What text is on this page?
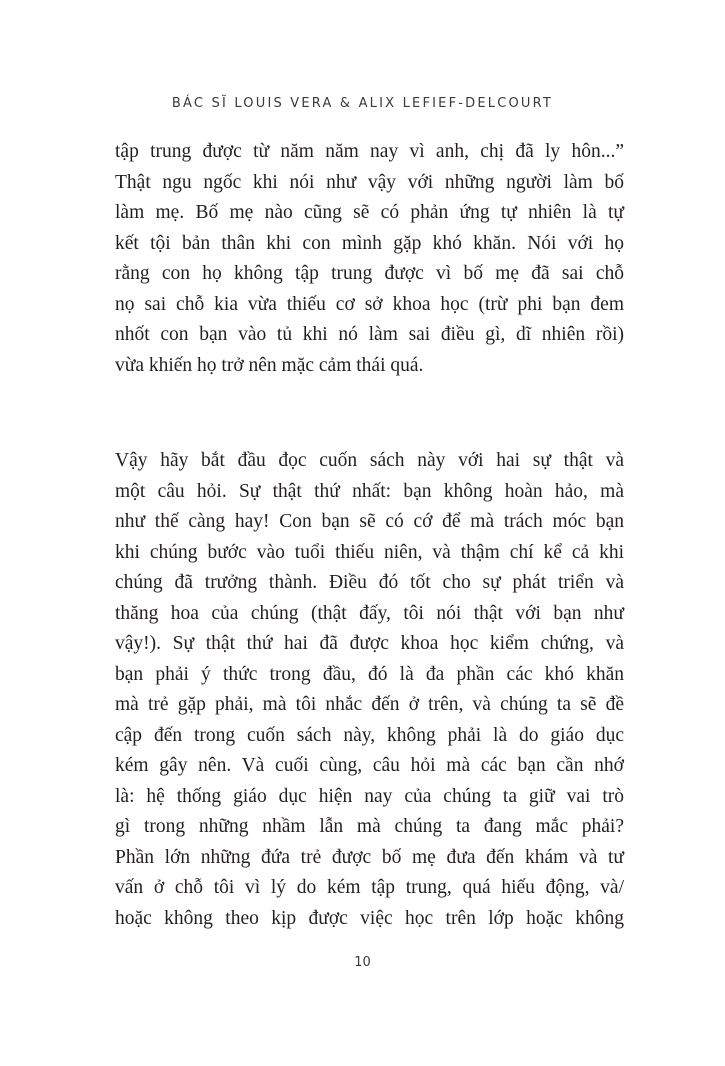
BÁC SĨ LOUIS VERA & ALIX LEFIEF-DELCOURT
tập trung được từ năm năm nay vì anh, chị đã ly hôn...”
Thật ngu ngốc khi nói như vậy với những người làm bố
làm mẹ. Bố mẹ nào cũng sẽ có phản ứng tự nhiên là tự
kết tội bản thân khi con mình gặp khó khăn. Nói với họ
rằng con họ không tập trung được vì bố mẹ đã sai chỗ
nọ sai chỗ kia vừa thiếu cơ sở khoa học (trừ phi bạn đem
nhốt con bạn vào tủ khi nó làm sai điều gì, dĩ nhiên rồi)
vừa khiến họ trở nên mặc cảm thái quá.
Vậy hãy bắt đầu đọc cuốn sách này với hai sự thật và
một câu hỏi. Sự thật thứ nhất: bạn không hoàn hảo, mà
như thế càng hay! Con bạn sẽ có cớ để mà trách móc bạn
khi chúng bước vào tuổi thiếu niên, và thậm chí kể cả khi
chúng đã trưởng thành. Điều đó tốt cho sự phát triển và
thăng hoa của chúng (thật đấy, tôi nói thật với bạn như
vậy!). Sự thật thứ hai đã được khoa học kiểm chứng, và
bạn phải ý thức trong đầu, đó là đa phần các khó khăn
mà trẻ gặp phải, mà tôi nhắc đến ở trên, và chúng ta sẽ đề
cập đến trong cuốn sách này, không phải là do giáo dục
kém gây nên. Và cuối cùng, câu hỏi mà các bạn cần nhớ
là: hệ thống giáo dục hiện nay của chúng ta giữ vai trò
gì trong những nhầm lẫn mà chúng ta đang mắc phải?
Phần lớn những đứa trẻ được bố mẹ đưa đến khám và tư
vấn ở chỗ tôi vì lý do kém tập trung, quá hiếu động, và/
hoặc không theo kịp được việc học trên lớp hoặc không
10
